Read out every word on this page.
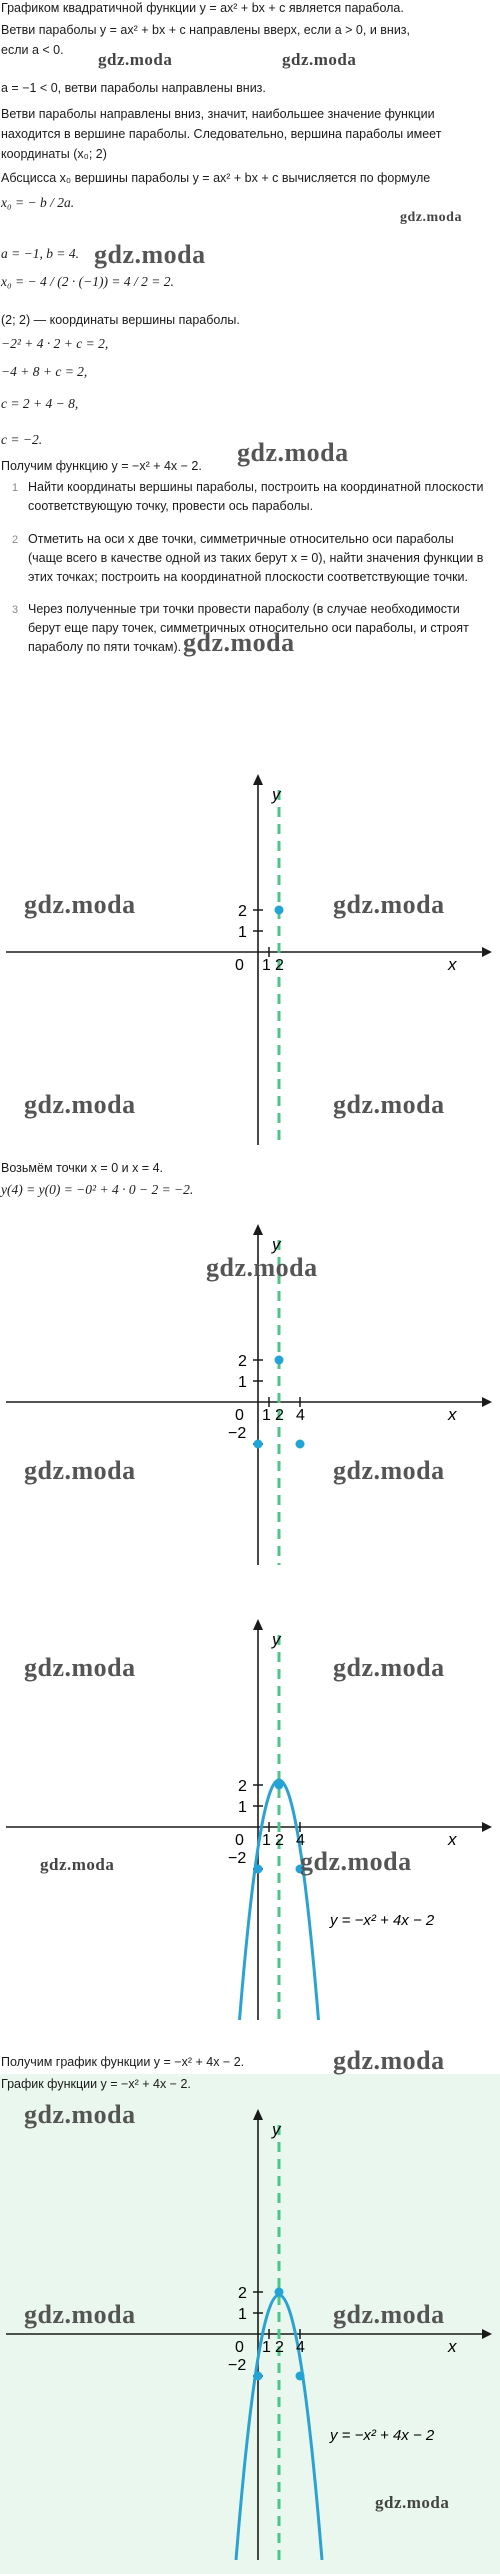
Графиком квадратичной функции y = ax² + bx + c является парабола.
Ветви параболы y = ax² + bx + c направлены вверх, если a > 0, и вниз,
если a < 0.
a = −1 < 0, ветви параболы направлены вниз.
Ветви параболы направлены вниз, значит, наибольшее значение функции
находится в вершине параболы. Следовательно, вершина параболы имеет
координаты (x₀; 2)
Абсцисса x₀ вершины параболы y = ax² + bx + c вычисляется по формуле
x₀ = − b / 2a.
a = −1, b = 4.
x₀ = − 4 / (2 · (−1)) = 4 / 2 = 2.
(2; 2) — координаты вершины параболы.
−2² + 4 · 2 + c = 2,
−4 + 8 + c = 2,
c = 2 + 4 − 8,
c = −2.
Получим функцию y = −x² + 4x − 2.
1 Найти координаты вершины параболы, построить на координатной плоскости соответствующую точку, провести ось параболы.
2 Отметить на оси x две точки, симметричные относительно оси параболы (чаще всего в качестве одной из таких берут x = 0), найти значения функции в этих точках; построить на координатной плоскости соответствующие точки.
3 Через полученные три точки провести параболу (в случае необходимости берут еще пару точек, симметричных относительно оси параболы, и строят параболу по пяти точкам).
y
x
0 1 2
2
1
Возьмём точки x = 0 и x = 4.
y(4) = y(0) = −0² + 4 · 0 − 2 = −2.
y
x
0 1 2 4
2
1
−2
y
x
0 1 2 4
2
1
−2
y = −x² + 4x − 2
Получим график функции y = −x² + 4x − 2.
График функции y = −x² + 4x − 2.
y
x
0 1 2 4
2
1
−2
y = −x² + 4x − 2
gdz.moda	gdz.moda
gdz.moda
gdz.moda
gdz.moda
gdz.moda
gdz.moda	gdz.moda
gdz.moda	gdz.moda
gdz.moda
gdz.moda	gdz.moda
gdz.moda	gdz.moda
gdz.moda	gdz.moda
gdz.moda
gdz.moda
gdz.moda	gdz.moda
gdz.moda
